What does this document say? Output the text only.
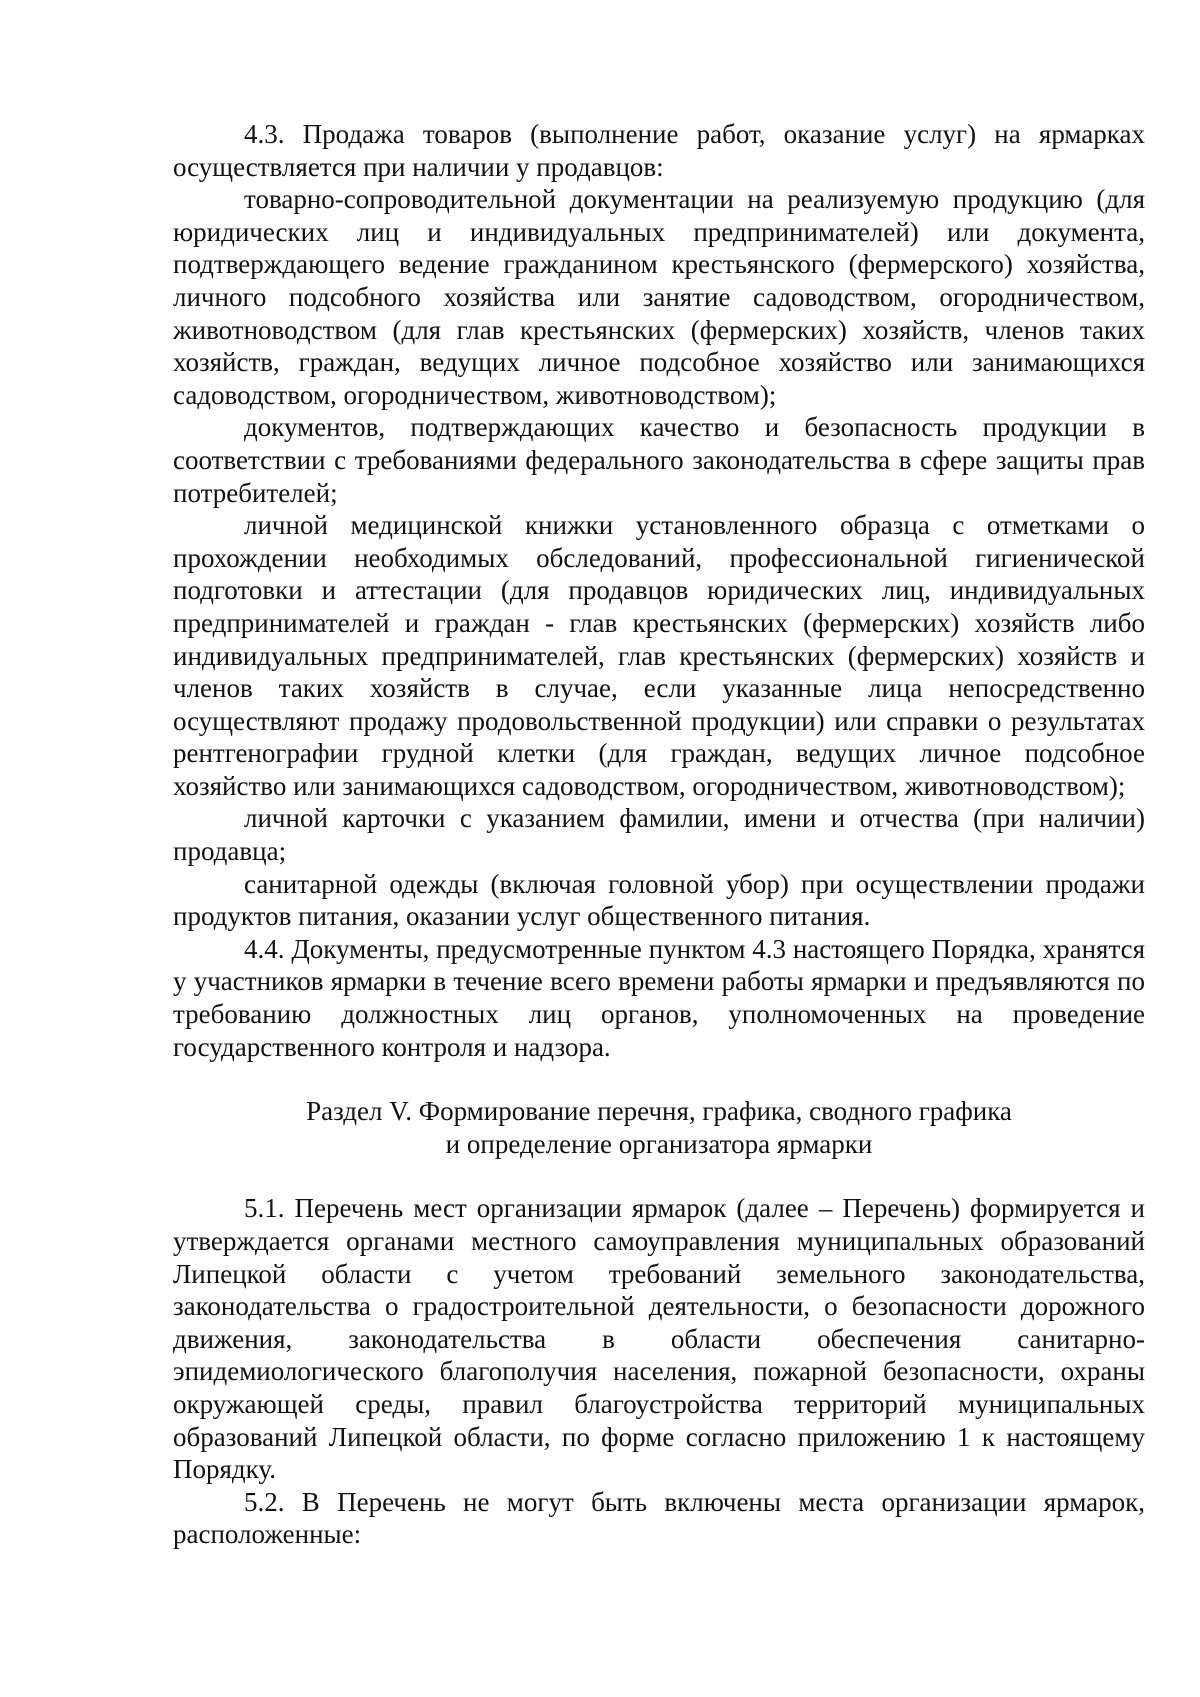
4.3. Продажа товаров (выполнение работ, оказание услуг) на ярмарках осуществляется при наличии у продавцов:

товарно-сопроводительной документации на реализуемую продукцию (для юридических лиц и индивидуальных предпринимателей) или документа, подтверждающего ведение гражданином крестьянского (фермерского) хозяйства, личного подсобного хозяйства или занятие садоводством, огородничеством, животноводством (для глав крестьянских (фермерских) хозяйств, членов таких хозяйств, граждан, ведущих личное подсобное хозяйство или занимающихся садоводством, огородничеством, животноводством);

документов, подтверждающих качество и безопасность продукции в соответствии с требованиями федерального законодательства в сфере защиты прав потребителей;

личной медицинской книжки установленного образца с отметками о прохождении необходимых обследований, профессиональной гигиенической подготовки и аттестации (для продавцов юридических лиц, индивидуальных предпринимателей и граждан - глав крестьянских (фермерских) хозяйств либо индивидуальных предпринимателей, глав крестьянских (фермерских) хозяйств и членов таких хозяйств в случае, если указанные лица непосредственно осуществляют продажу продовольственной продукции) или справки о результатах рентгенографии грудной клетки (для граждан, ведущих личное подсобное хозяйство или занимающихся садоводством, огородничеством, животноводством);

личной карточки с указанием фамилии, имени и отчества (при наличии) продавца;

санитарной одежды (включая головной убор) при осуществлении продажи продуктов питания, оказании услуг общественного питания.

4.4. Документы, предусмотренные пунктом 4.3 настоящего Порядка, хранятся у участников ярмарки в течение всего времени работы ярмарки и предъявляются по требованию должностных лиц органов, уполномоченных на проведение государственного контроля и надзора.

Раздел V. Формирование перечня, графика, сводного графика

и определение организатора ярмарки

5.1. Перечень мест организации ярмарок (далее – Перечень) формируется и утверждается органами местного самоуправления муниципальных образований Липецкой области с учетом требований земельного законодательства, законодательства о градостроительной деятельности, о безопасности дорожного движения, законодательства в области обеспечения санитарно-эпидемиологического благополучия населения, пожарной безопасности, охраны окружающей среды, правил благоустройства территорий муниципальных образований Липецкой области, по форме согласно приложению 1 к настоящему Порядку.

5.2. В Перечень не могут быть включены места организации ярмарок, расположенные:
